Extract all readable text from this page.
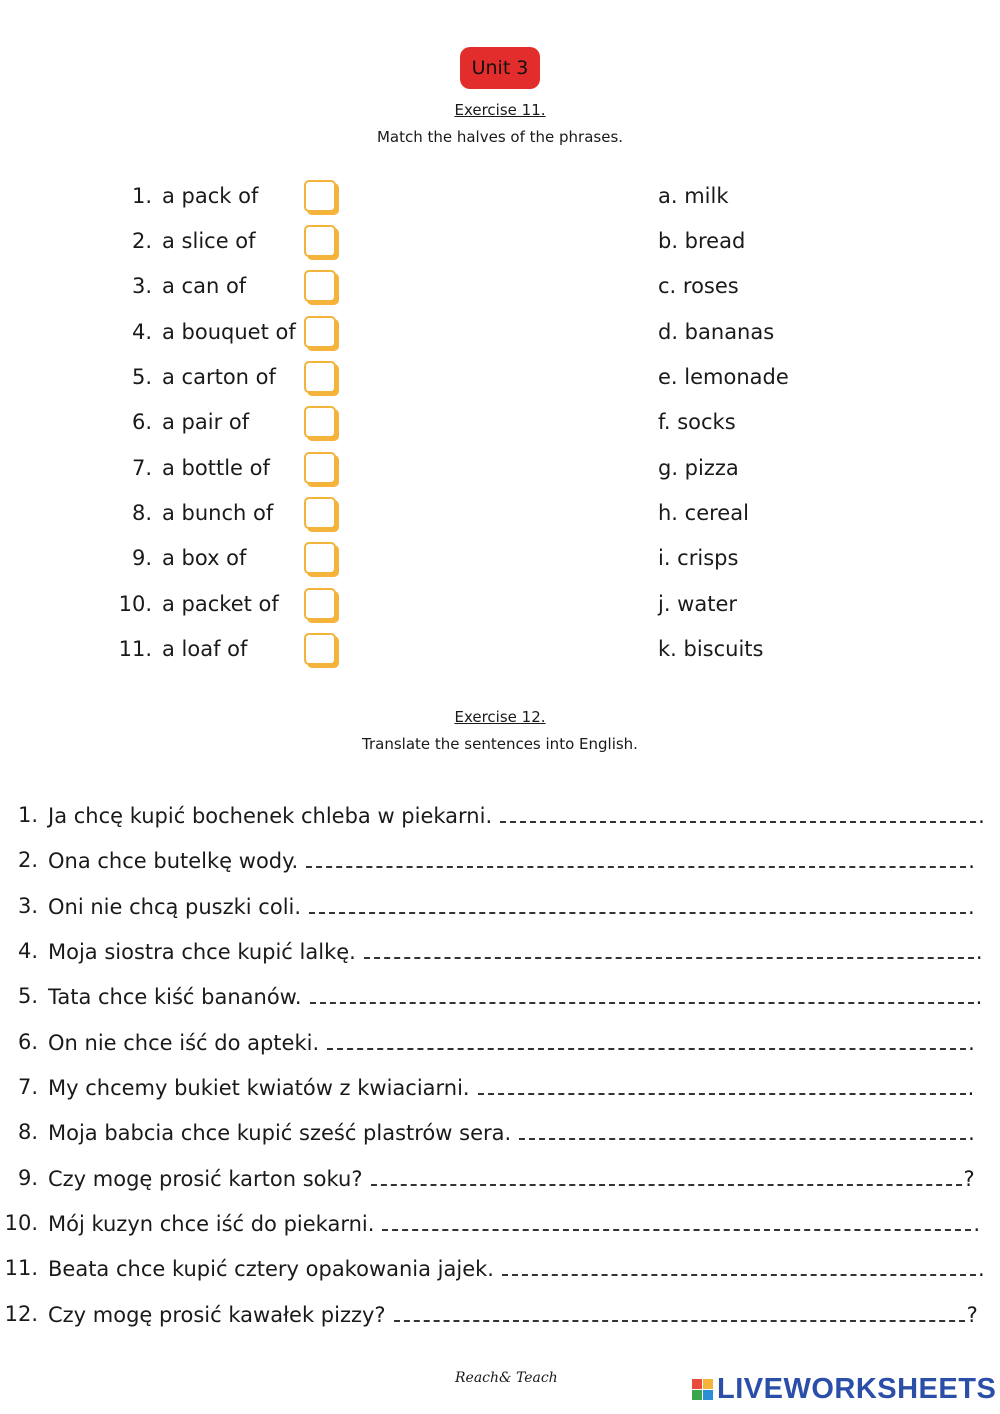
Unit 3
Exercise 11.
Match the halves of the phrases.
1. a pack of	a. milk
2. a slice of	b. bread
3. a can of	c. roses
4. a bouquet of	d. bananas
5. a carton of	e. lemonade
6. a pair of	f. socks
7. a bottle of	g. pizza
8. a bunch of	h. cereal
9. a box of	i. crisps
10. a packet of	j. water
11. a loaf of	k. biscuits
Exercise 12.
Translate the sentences into English.
1. Ja chcę kupić bochenek chleba w piekarni.	.
2. Ona chce butelkę wody.	.
3. Oni nie chcą puszki coli.	.
4. Moja siostra chce kupić lalkę.	.
5. Tata chce kiść bananów.	.
6. On nie chce iść do apteki.	.
7. My chcemy bukiet kwiatów z kwiaciarni.	.
8. Moja babcia chce kupić sześć plastrów sera.	.
9. Czy mogę prosić karton soku?	?
10. Mój kuzyn chce iść do piekarni.	.
11. Beata chce kupić cztery opakowania jajek.	.
12. Czy mogę prosić kawałek pizzy?	?
Reach& Teach	LIVEWORKSHEETS
